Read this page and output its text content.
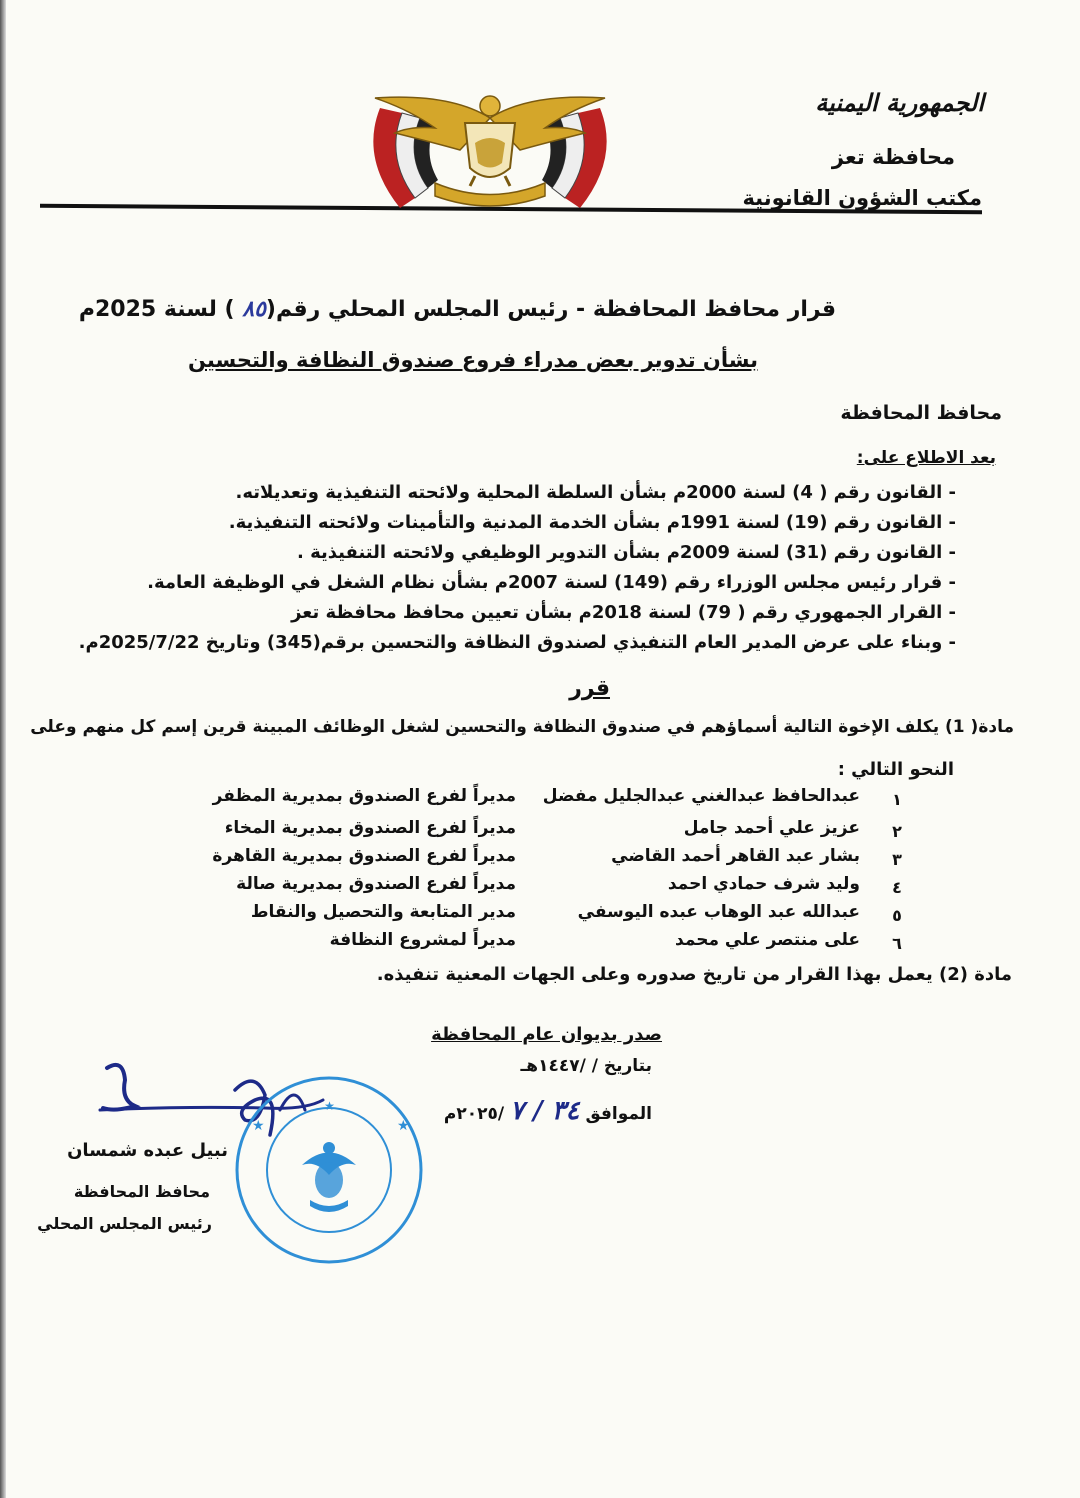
الجمهورية اليمنية
محافظة تعز
مكتب الشؤون القانونية
قرار محافظ المحافظة - رئيس المجلس المحلي رقم(٨٥ ) لسنة 2025م
بشأن تدوير بعض مدراء فروع صندوق النظافة والتحسين
محافظ المحافظة
بعد الاطلاع على:
- القانون رقم ( 4) لسنة 2000م بشأن السلطة المحلية ولائحته التنفيذية وتعديلاته.
- القانون رقم (19) لسنة 1991م بشأن الخدمة المدنية والتأمينات ولائحته التنفيذية.
- القانون رقم (31) لسنة 2009م بشأن التدوير الوظيفي ولائحته التنفيذية .
- قرار رئيس مجلس الوزراء رقم (149) لسنة 2007م بشأن نظام الشغل في الوظيفة العامة.
- القرار الجمهوري رقم ( 79) لسنة 2018م بشأن تعيين محافظ محافظة تعز
- وبناء على عرض المدير العام التنفيذي لصندوق النظافة والتحسين برقم(345) وتاريخ 2025/7/22م.
قرر
مادة( 1) يكلف الإخوة التالية أسماؤهم في صندوق النظافة والتحسين لشغل الوظائف المبينة قرين إسم كل منهم وعلى
النحو التالي :
١
عبدالحافظ عبدالغني عبدالجليل مفضل
مديراً لفرع الصندوق بمديرية المظفر
٢
عزيز علي أحمد جامل
مديراً لفرع الصندوق بمديرية المخاء
٣
بشار عبد القاهر أحمد القاضي
مديراً لفرع الصندوق بمديرية القاهرة
٤
وليد شرف حمادي احمد
مديراً لفرع الصندوق بمديرية صالة
٥
عبدالله عبد الوهاب عبده اليوسفي
مدير المتابعة والتحصيل والنقاط
٦
على منتصر علي محمد
مديراً لمشروع النظافة
مادة (2) يعمل بهذا القرار من تاريخ صدوره وعلى الجهات المعنية تنفيذه.
صدر بديوان عام المحافظة
بتاريخ / /١٤٤٧هـ
الموافق ٣٤ / ٧ /٢٠٢٥م
★
★	★
نبيل عبده شمسان
محافظ المحافظة
رئيس المجلس المحلي
